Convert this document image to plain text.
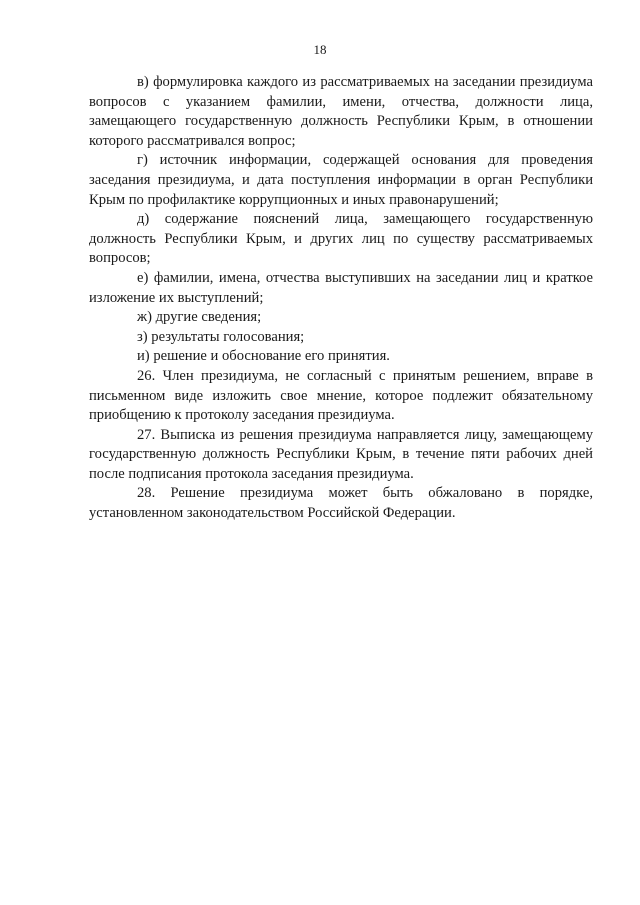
18

в) формулировка каждого из рассматриваемых на заседании президиума вопросов с указанием фамилии, имени, отчества, должности лица, замещающего государственную должность Республики Крым, в отношении которого рассматривался вопрос;

г) источник информации, содержащей основания для проведения заседания президиума, и дата поступления информации в орган Республики Крым по профилактике коррупционных и иных правонарушений;

д) содержание пояснений лица, замещающего государственную должность Республики Крым, и других лиц по существу рассматриваемых вопросов;

е) фамилии, имена, отчества выступивших на заседании лиц и краткое изложение их выступлений;

ж) другие сведения;

з) результаты голосования;

и) решение и обоснование его принятия.

26. Член президиума, не согласный с принятым решением, вправе в письменном виде изложить свое мнение, которое подлежит обязательному приобщению к протоколу заседания президиума.

27. Выписка из решения президиума направляется лицу, замещающему государственную должность Республики Крым, в течение пяти рабочих дней после подписания протокола заседания президиума.

28. Решение президиума может быть обжаловано в порядке, установленном законодательством Российской Федерации.
